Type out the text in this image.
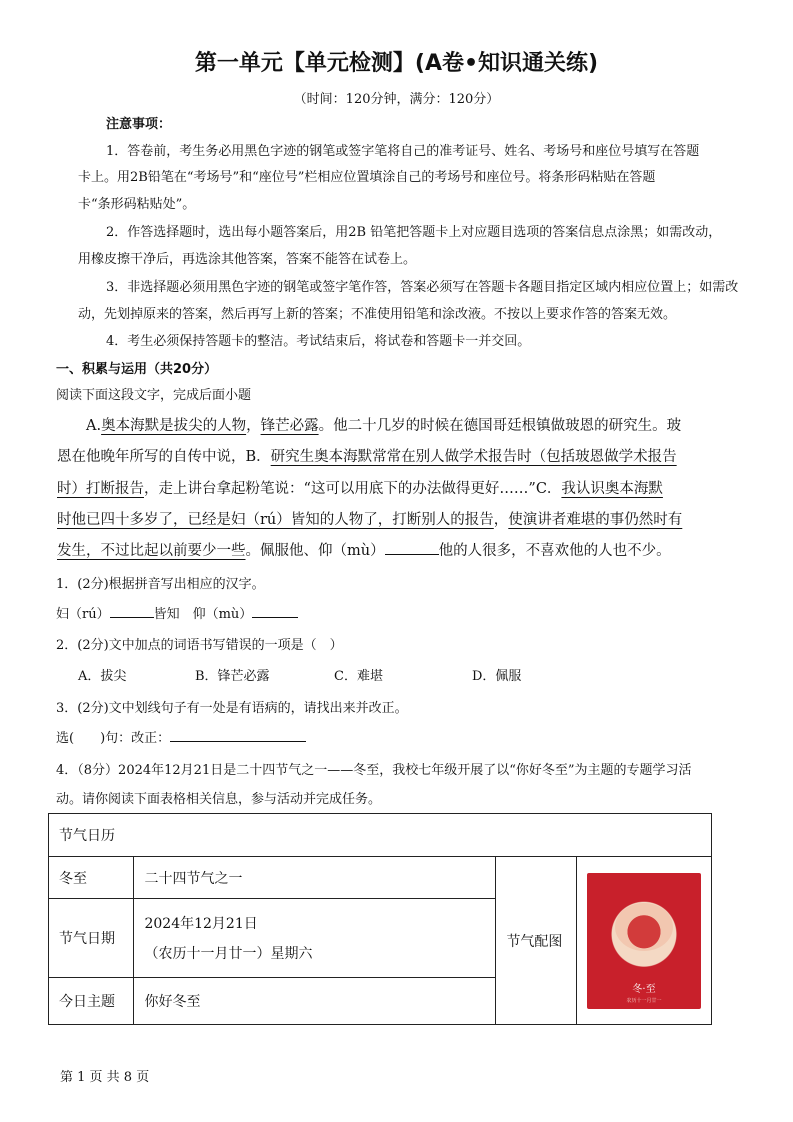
第一单元【单元检测】(A卷•知识通关练)
（时间：120分钟，满分：120分）
注意事项：
1．答卷前，考生务必用黑色字迹的钢笔或签字笔将自己的准考证号、姓名、考场号和座位号填写在答题
卡上。用2B铅笔在“考场号”和“座位号”栏相应位置填涂自己的考场号和座位号。将条形码粘贴在答题
卡“条形码粘贴处”。
2．作答选择题时，选出每小题答案后，用2B 铅笔把答题卡上对应题目选项的答案信息点涂黑；如需改动，
用橡皮擦干净后，再选涂其他答案，答案不能答在试卷上。
3．非选择题必须用黑色字迹的钢笔或签字笔作答，答案必须写在答题卡各题目指定区域内相应位置上；如需改
动，先划掉原来的答案，然后再写上新的答案；不准使用铅笔和涂改液。不按以上要求作答的答案无效。
4．考生必须保持答题卡的整洁。考试结束后，将试卷和答题卡一并交回。
一、积累与运用（共20分）
阅读下面这段文字，完成后面小题
A.奥本海默是拔尖的人物，锋芒必露。他二十几岁的时候在德国哥廷根镇做玻恩的研究生。玻
恩在他晚年所写的自传中说，B．研究生奥本海默常常在别人做学术报告时（包括玻恩做学术报告
时）打断报告，走上讲台拿起粉笔说：“这可以用底下的办法做得更好……”C．我认识奥本海默
时他已四十多岁了，已经是妇（rú）皆知的人物了，打断别人的报告，使演讲者难堪的事仍然时有
发生，不过比起以前要少一些。佩服他、仰（mù）	他的人很多，不喜欢他的人也不少。
1．(2分)根据拼音写出相应的汉字。
妇（rú）	皆知　仰（mù）
2．(2分)文中加点的词语书写错误的一项是（　）
A．拔尖	B．锋芒必露	C．难堪	D．佩服
3．(2分)文中划线句子有一处是有语病的，请找出来并改正。
选(　　)句：改正：
4．（8分）2024年12月21日是二十四节气之一——冬至，我校七年级开展了以“你好冬至”为主题的专题学习活
动。请你阅读下面表格相关信息，参与活动并完成任务。
节气日历			
冬至	二十四节气之一	节气配图	冬·至
农历十一月廿一

节气日期	2024年12月21日
（农历十一月廿一）星期六		

今日主题	你好冬至		
第 1 页 共 8 页
